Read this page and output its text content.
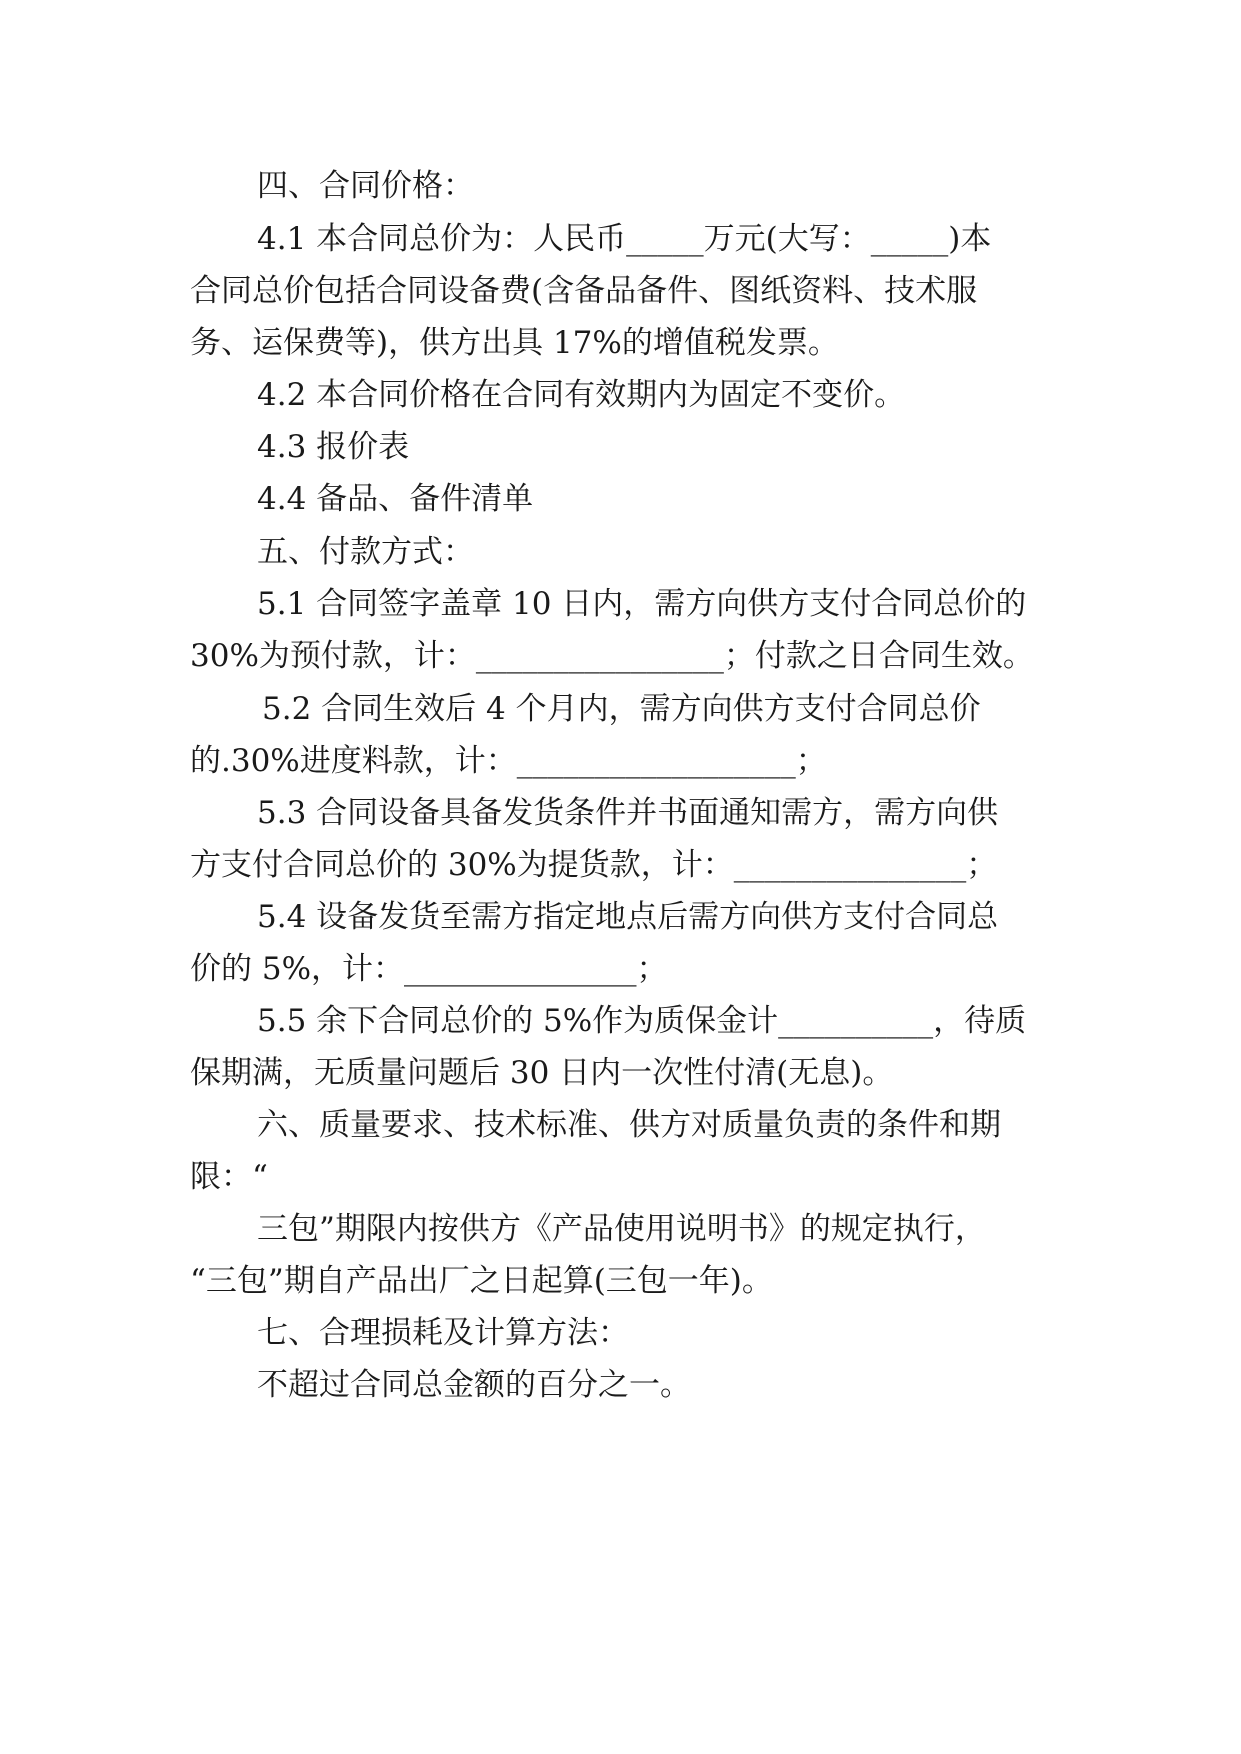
四、合同价格：
4.1 本合同总价为：人民币_____万元(大写：_____)本
合同总价包括合同设备费(含备品备件、图纸资料、技术服
务、运保费等)，供方出具 17%的增值税发票。
4.2 本合同价格在合同有效期内为固定不变价。
4.3 报价表
4.4 备品、备件清单
五、付款方式：
5.1 合同签字盖章 10 日内，需方向供方支付合同总价的
30%为预付款，计：________________；付款之日合同生效。
5.2 合同生效后 4 个月内，需方向供方支付合同总价
的.30%进度料款，计：__________________；
5.3 合同设备具备发货条件并书面通知需方，需方向供
方支付合同总价的 30%为提货款，计：_______________；
5.4 设备发货至需方指定地点后需方向供方支付合同总
价的 5%，计：_______________；
5.5 余下合同总价的 5%作为质保金计__________，待质
保期满，无质量问题后 30 日内一次性付清(无息)。
六、质量要求、技术标准、供方对质量负责的条件和期
限：“
三包”期限内按供方《产品使用说明书》的规定执行，
“三包”期自产品出厂之日起算(三包一年)。
七、合理损耗及计算方法：
不超过合同总金额的百分之一。
